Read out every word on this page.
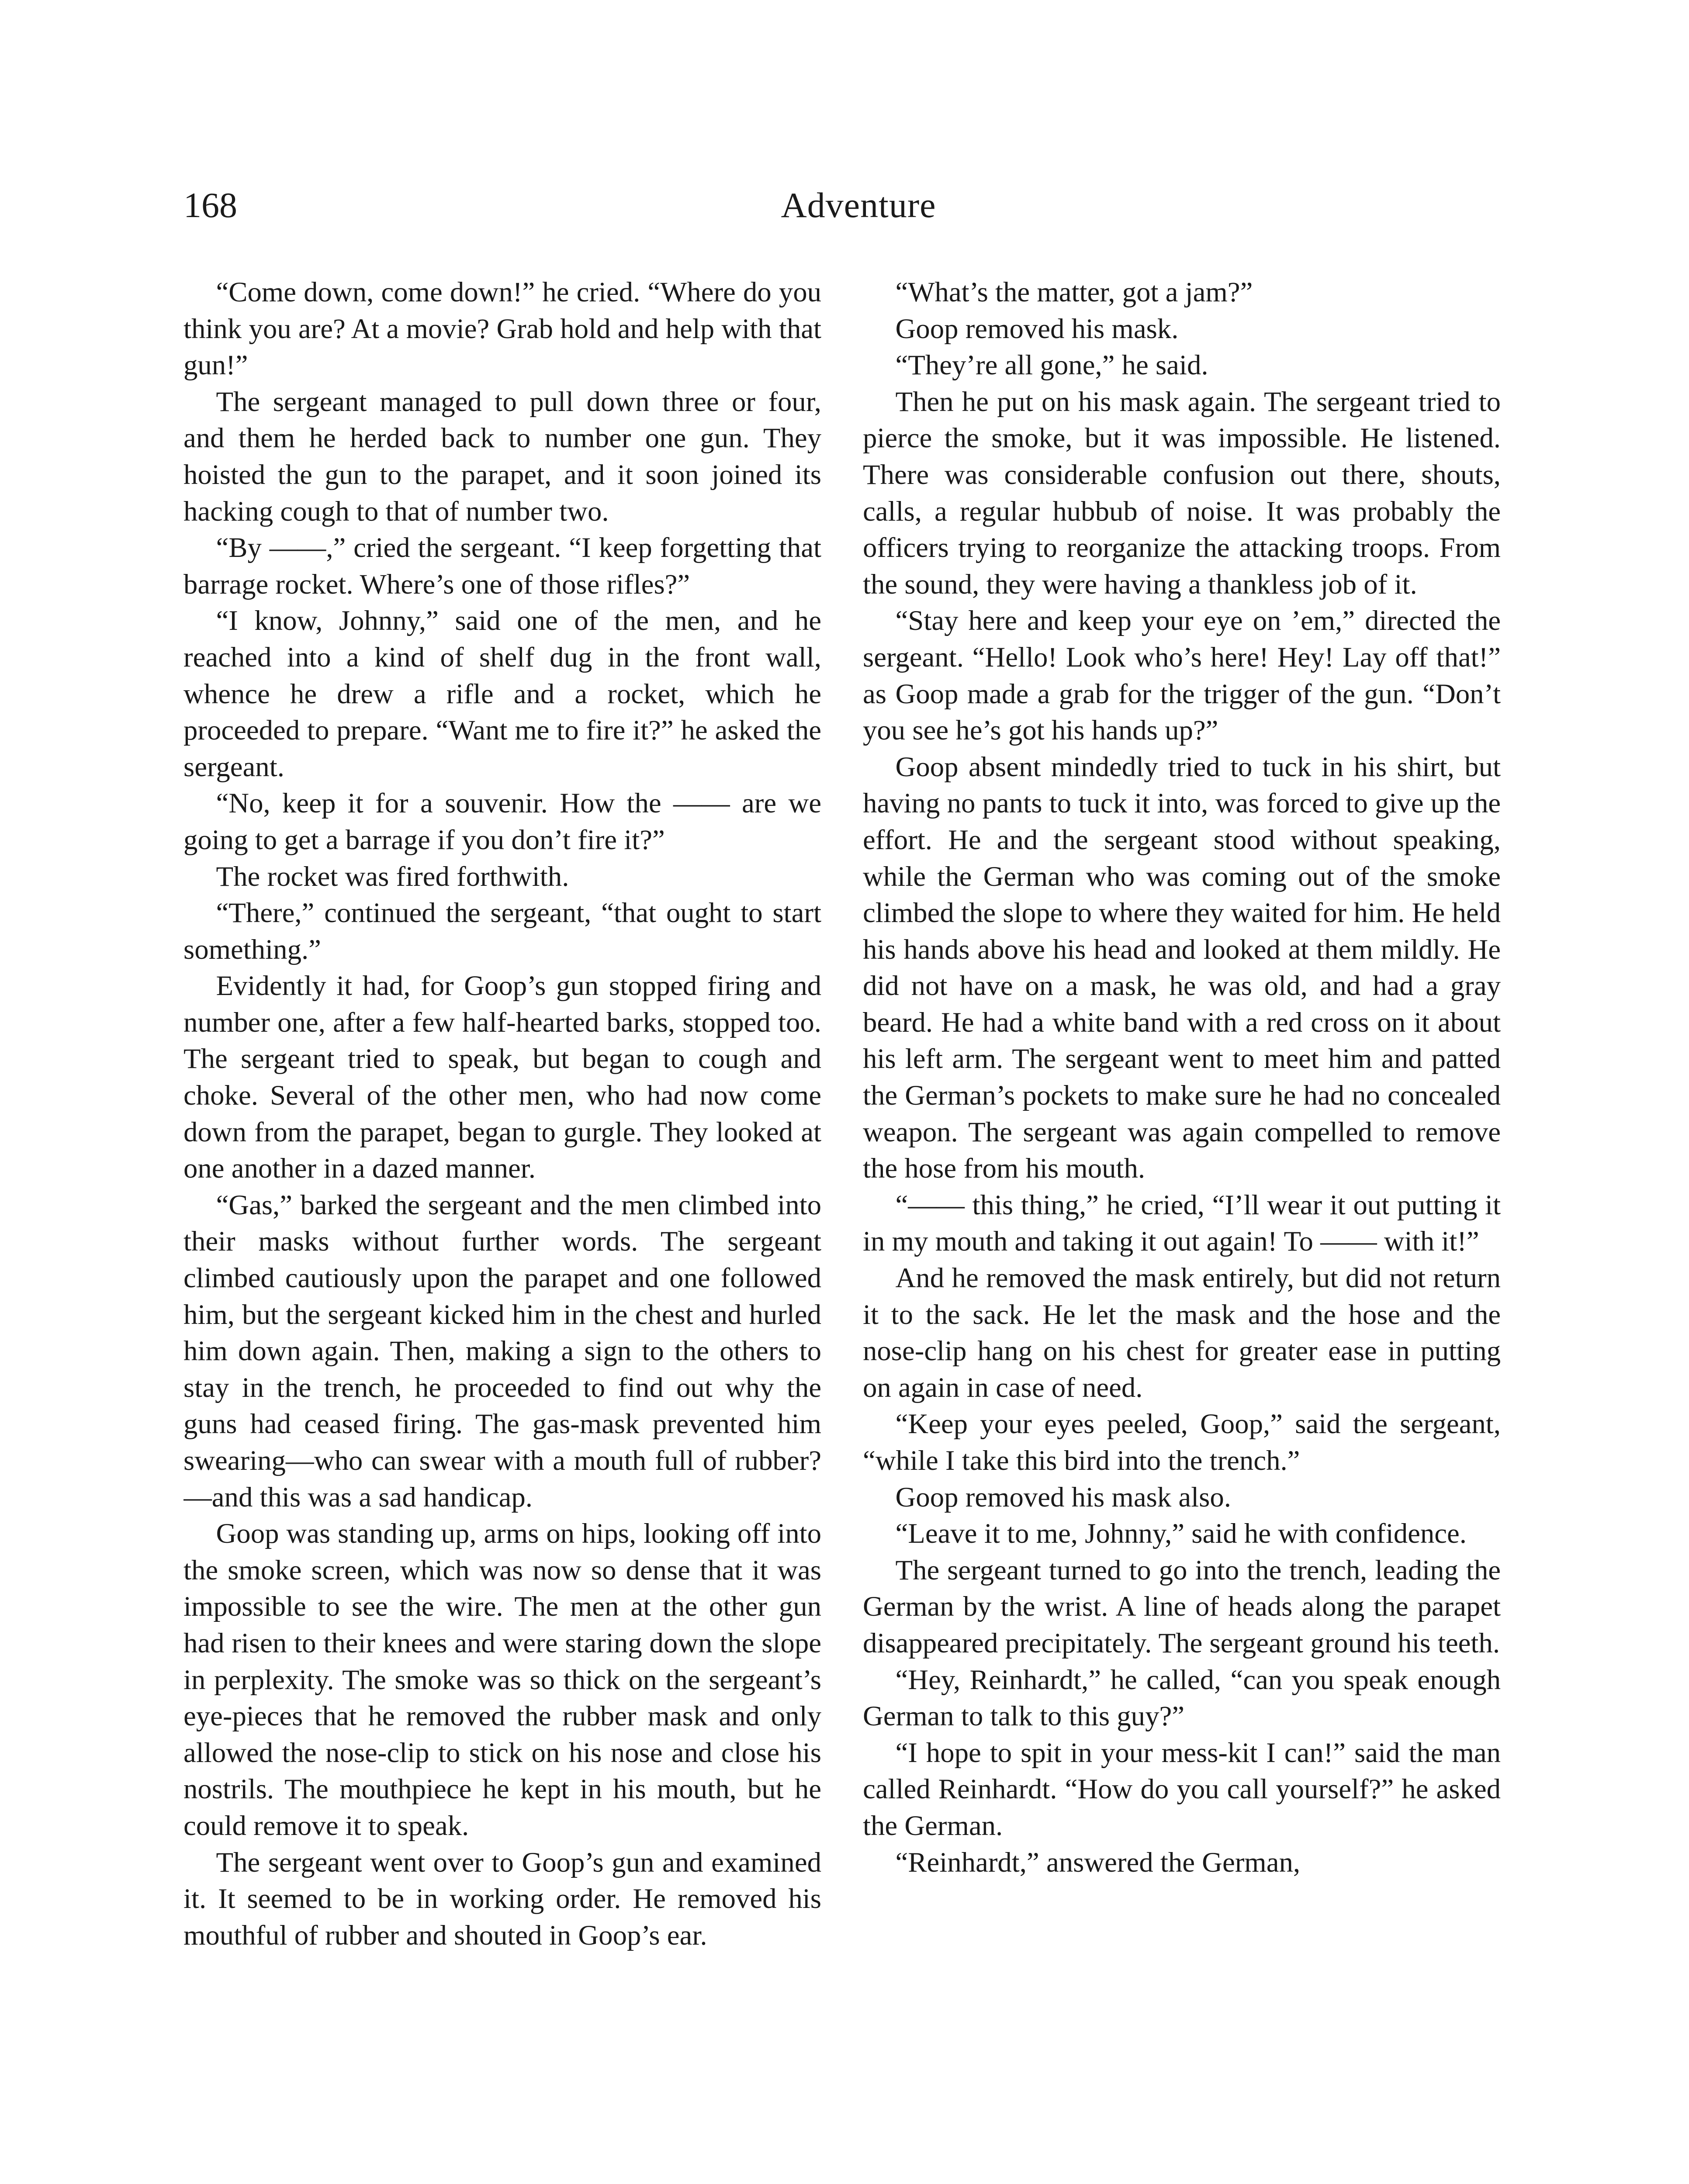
168	Adventure

“Come down, come down!” he cried. “Where do you think you are? At a movie? Grab hold and help with that gun!”

The sergeant managed to pull down three or four, and them he herded back to number one gun. They hoisted the gun to the parapet, and it soon joined its hacking cough to that of number two.

“By ——,” cried the sergeant. “I keep forgetting that barrage rocket. Where’s one of those rifles?”

“I know, Johnny,” said one of the men, and he reached into a kind of shelf dug in the front wall, whence he drew a rifle and a rocket, which he proceeded to prepare. “Want me to fire it?” he asked the sergeant.

“No, keep it for a souvenir. How the —— are we going to get a barrage if you don’t fire it?”

The rocket was fired forthwith.

“There,” continued the sergeant, “that ought to start something.”

Evidently it had, for Goop’s gun stopped firing and number one, after a few half-hearted barks, stopped too. The sergeant tried to speak, but began to cough and choke. Several of the other men, who had now come down from the parapet, began to gurgle. They looked at one another in a dazed manner.

“Gas,” barked the sergeant and the men climbed into their masks without further words. The sergeant climbed cautiously upon the parapet and one followed him, but the sergeant kicked him in the chest and hurled him down again. Then, making a sign to the others to stay in the trench, he proceeded to find out why the guns had ceased firing. The gas-mask prevented him swearing—who can swear with a mouth full of rubber?—and this was a sad handicap.

Goop was standing up, arms on hips, looking off into the smoke screen, which was now so dense that it was impossible to see the wire. The men at the other gun had risen to their knees and were staring down the slope in perplexity. The smoke was so thick on the sergeant’s eye-pieces that he removed the rubber mask and only allowed the nose-clip to stick on his nose and close his nostrils. The mouthpiece he kept in his mouth, but he could remove it to speak.

The sergeant went over to Goop’s gun and examined it. It seemed to be in working order. He removed his mouthful of rubber and shouted in Goop’s ear.

“What’s the matter, got a jam?”

Goop removed his mask.

“They’re all gone,” he said.

Then he put on his mask again. The sergeant tried to pierce the smoke, but it was impossible. He listened. There was considerable confusion out there, shouts, calls, a regular hubbub of noise. It was probably the officers trying to reorganize the attacking troops. From the sound, they were having a thankless job of it.

“Stay here and keep your eye on ’em,” directed the sergeant. “Hello! Look who’s here! Hey! Lay off that!” as Goop made a grab for the trigger of the gun. “Don’t you see he’s got his hands up?”

Goop absent mindedly tried to tuck in his shirt, but having no pants to tuck it into, was forced to give up the effort. He and the sergeant stood without speaking, while the German who was coming out of the smoke climbed the slope to where they waited for him. He held his hands above his head and looked at them mildly. He did not have on a mask, he was old, and had a gray beard. He had a white band with a red cross on it about his left arm. The sergeant went to meet him and patted the German’s pockets to make sure he had no concealed weapon. The sergeant was again compelled to remove the hose from his mouth.

“—— this thing,” he cried, “I’ll wear it out putting it in my mouth and taking it out again! To —— with it!”

And he removed the mask entirely, but did not return it to the sack. He let the mask and the hose and the nose-clip hang on his chest for greater ease in putting on again in case of need.

“Keep your eyes peeled, Goop,” said the sergeant, “while I take this bird into the trench.”

Goop removed his mask also.

“Leave it to me, Johnny,” said he with confidence.

The sergeant turned to go into the trench, leading the German by the wrist. A line of heads along the parapet disappeared precipitately. The sergeant ground his teeth.

“Hey, Reinhardt,” he called, “can you speak enough German to talk to this guy?”

“I hope to spit in your mess-kit I can!” said the man called Reinhardt. “How do you call yourself?” he asked the German.

“Reinhardt,” answered the German,
